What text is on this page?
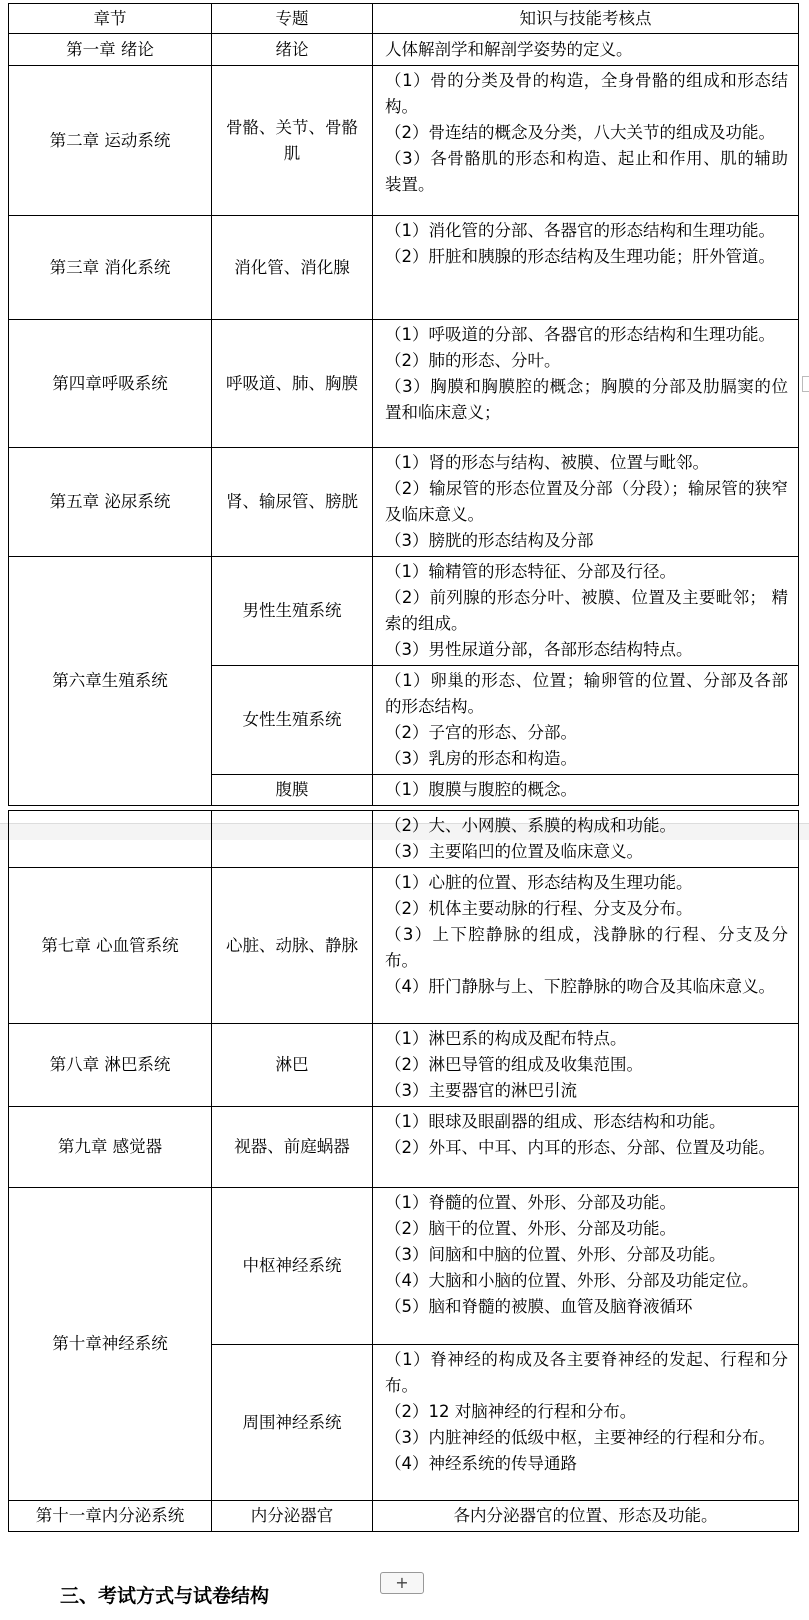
章节	专题	知识与技能考核点
第一章 绪论	绪论	人体解剖学和解剖学姿势的定义。

第二章 运动系统	骨骼、关节、骨骼肌	（1）骨的分类及骨的构造，全身骨骼的组成和形态结构。
（2）骨连结的概念及分类，八大关节的组成及功能。
（3）各骨骼肌的形态和构造、起止和作用、肌的辅助装置。

第三章 消化系统	消化管、消化腺	（1）消化管的分部、各器官的形态结构和生理功能。
（2）肝脏和胰腺的形态结构及生理功能；肝外管道。

第四章呼吸系统	呼吸道、肺、胸膜	（1）呼吸道的分部、各器官的形态结构和生理功能。
（2）肺的形态、分叶。
（3）胸膜和胸膜腔的概念；胸膜的分部及肋膈窦的位置和临床意义；

第五章 泌尿系统	肾、输尿管、膀胱	（1）肾的形态与结构、被膜、位置与毗邻。
（2）输尿管的形态位置及分部（分段）；输尿管的狭窄及临床意义。
（3）膀胱的形态结构及分部

第六章生殖系统	男性生殖系统	（1）输精管的形态特征、分部及行径。
（2）前列腺的形态分叶、被膜、位置及主要毗邻； 精索的组成。
（3）男性尿道分部，各部形态结构特点。

	女性生殖系统	（1）卵巢的形态、位置；输卵管的位置、分部及各部的形态结构。
（2）子宫的形态、分部。
（3）乳房的形态和构造。

	腹膜	（1）腹膜与腹腔的概念。

		（2）大、小网膜、系膜的构成和功能。
（3）主要陷凹的位置及临床意义。

第七章 心血管系统	心脏、动脉、静脉	（1）心脏的位置、形态结构及生理功能。
（2）机体主要动脉的行程、分支及分布。
（3）上下腔静脉的组成，浅静脉的行程、分支及分布。
（4）肝门静脉与上、下腔静脉的吻合及其临床意义。

第八章 淋巴系统	淋巴	（1）淋巴系的构成及配布特点。
（2）淋巴导管的组成及收集范围。
（3）主要器官的淋巴引流

第九章 感觉器	视器、前庭蜗器	（1）眼球及眼副器的组成、形态结构和功能。
（2）外耳、中耳、内耳的形态、分部、位置及功能。

第十章神经系统	中枢神经系统	（1）脊髓的位置、外形、分部及功能。
（2）脑干的位置、外形、分部及功能。
（3）间脑和中脑的位置、外形、分部及功能。
（4）大脑和小脑的位置、外形、分部及功能定位。
（5）脑和脊髓的被膜、血管及脑脊液循环

	周围神经系统	（1）脊神经的构成及各主要脊神经的发起、行程和分布。
（2）12 对脑神经的行程和分布。
（3）内脏神经的低级中枢，主要神经的行程和分布。
（4）神经系统的传导通路

第十一章内分泌系统	内分泌器官	各内分泌器官的位置、形态及功能。
+
三、考试方式与试卷结构
